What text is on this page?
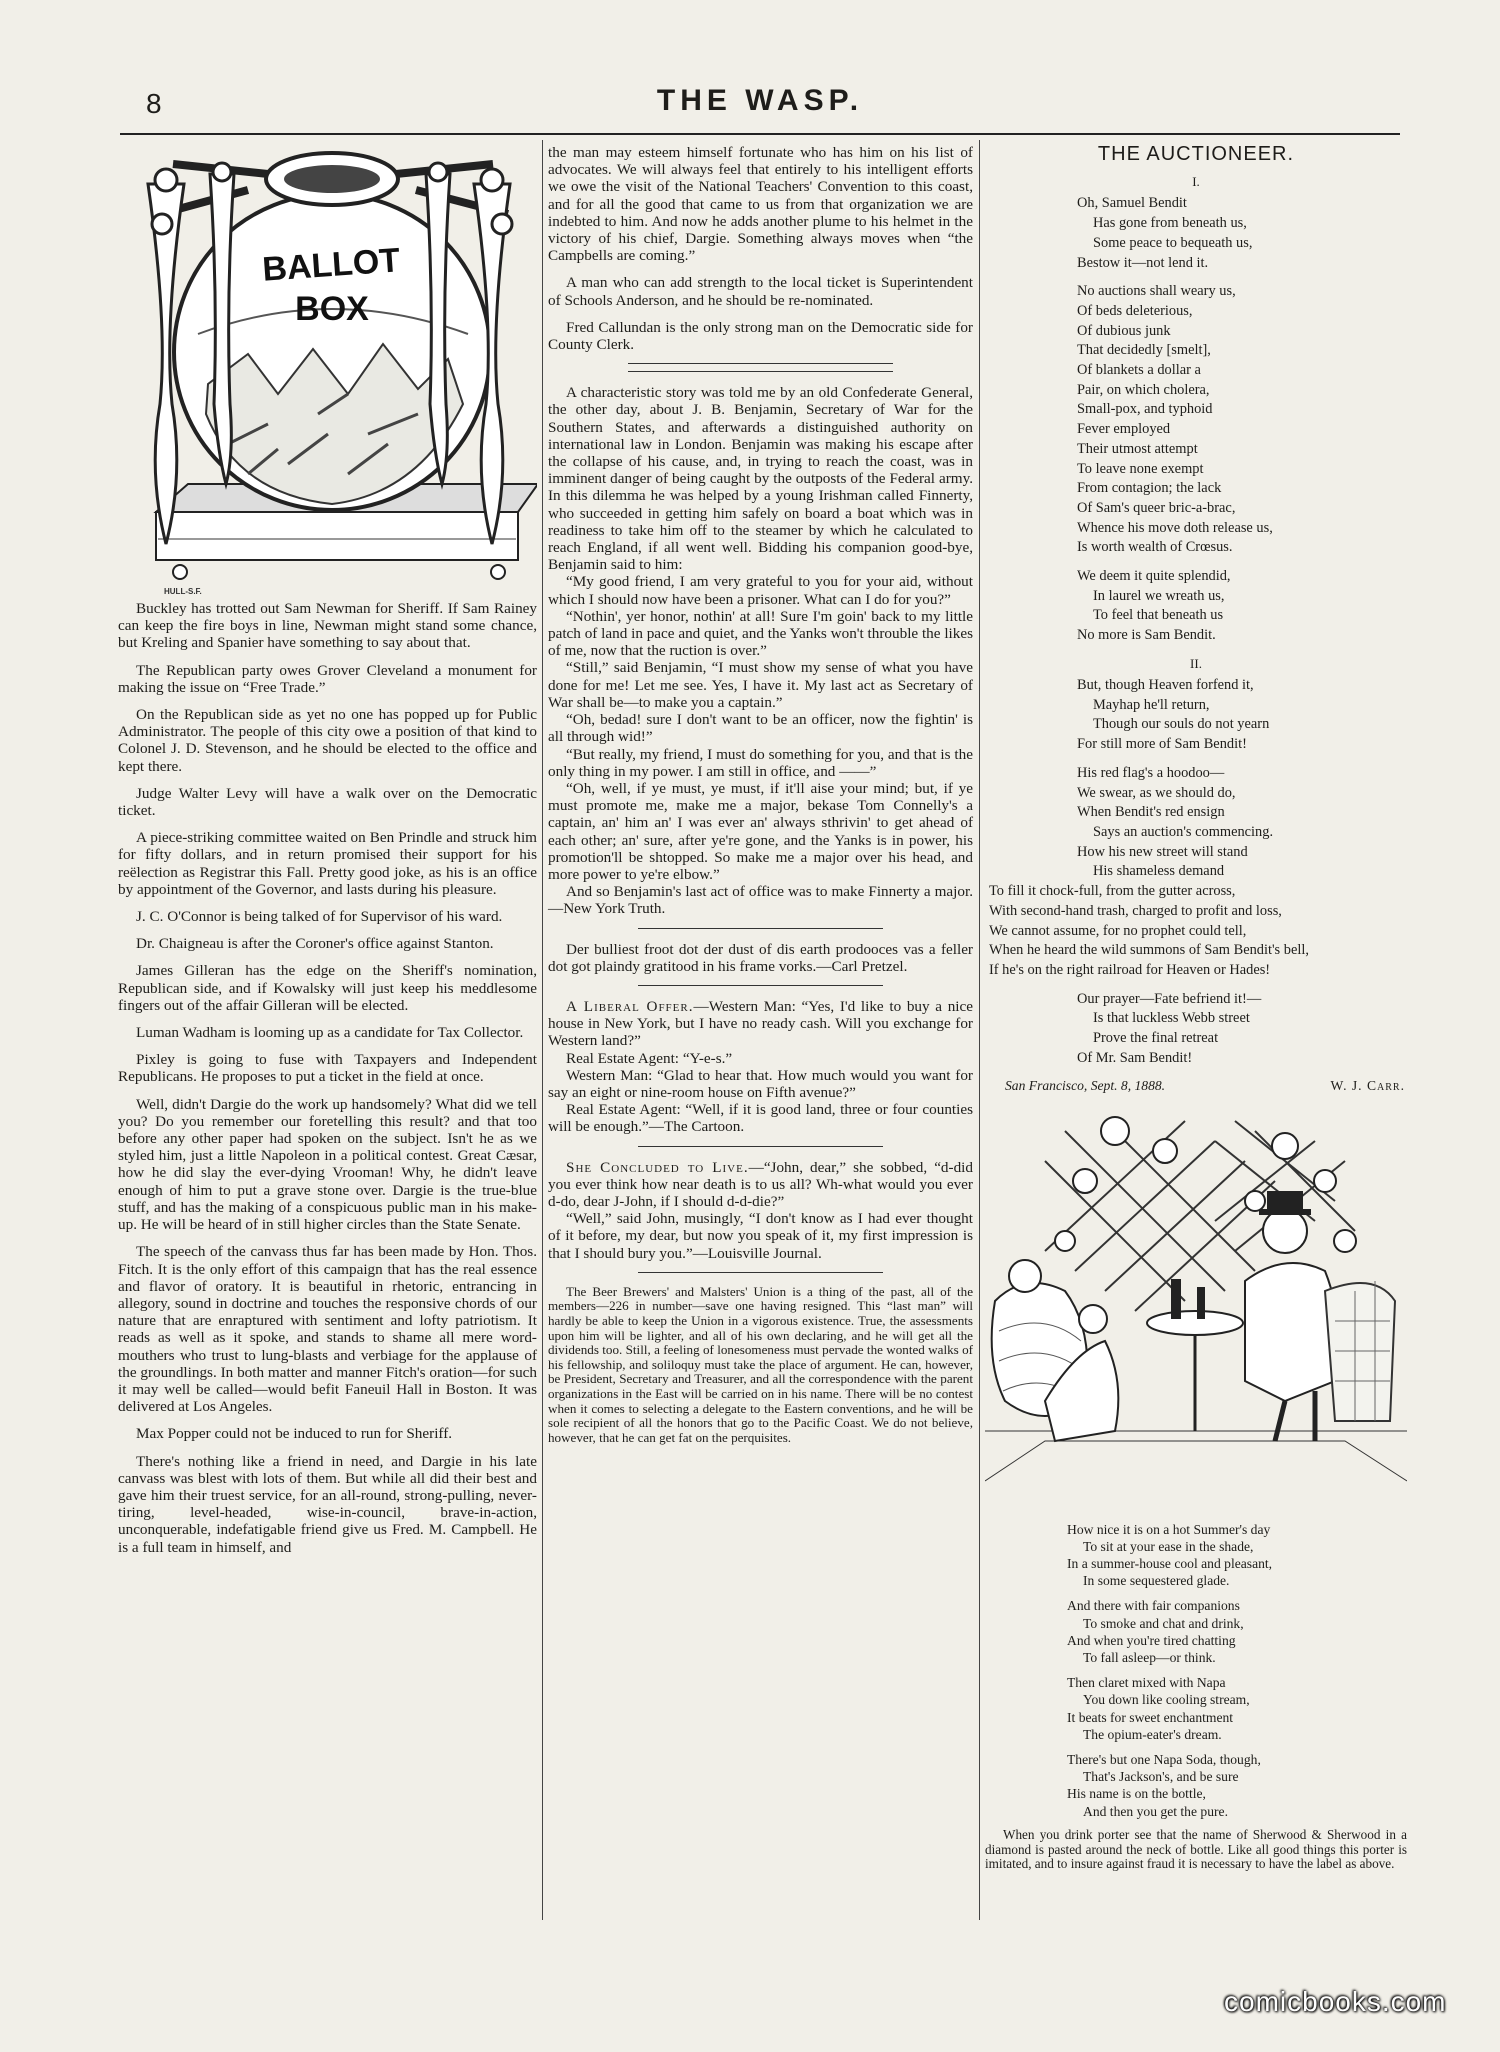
8	THE WASP.
BALLOT
BOX
HULL-S.F.

Buckley has trotted out Sam Newman for Sheriff. If Sam Rainey can keep the fire boys in line, Newman might stand some chance, but Kreling and Spanier have something to say about that.

The Republican party owes Grover Cleveland a monument for making the issue on “Free Trade.”

On the Republican side as yet no one has popped up for Public Administrator. The people of this city owe a position of that kind to Colonel J. D. Stevenson, and he should be elected to the office and kept there.

Judge Walter Levy will have a walk over on the Democratic ticket.

A piece-striking committee waited on Ben Prindle and struck him for fifty dollars, and in return promised their support for his reëlection as Registrar this Fall. Pretty good joke, as his is an office by appointment of the Governor, and lasts during his pleasure.

J. C. O'Connor is being talked of for Supervisor of his ward.

Dr. Chaigneau is after the Coroner's office against Stanton.

James Gilleran has the edge on the Sheriff's nomination, Republican side, and if Kowalsky will just keep his meddlesome fingers out of the affair Gilleran will be elected.

Luman Wadham is looming up as a candidate for Tax Collector.

Pixley is going to fuse with Taxpayers and Independent Republicans. He proposes to put a ticket in the field at once.

Well, didn't Dargie do the work up handsomely? What did we tell you? Do you remember our foretelling this result? and that too before any other paper had spoken on the subject. Isn't he as we styled him, just a little Napoleon in a political contest. Great Cæsar, how he did slay the ever-dying Vrooman! Why, he didn't leave enough of him to put a grave stone over. Dargie is the true-blue stuff, and has the making of a conspicuous public man in his make-up. He will be heard of in still higher circles than the State Senate.

The speech of the canvass thus far has been made by Hon. Thos. Fitch. It is the only effort of this campaign that has the real essence and flavor of oratory. It is beautiful in rhetoric, entrancing in allegory, sound in doctrine and touches the responsive chords of our nature that are enraptured with sentiment and lofty patriotism. It reads as well as it spoke, and stands to shame all mere word-mouthers who trust to lung-blasts and verbiage for the applause of the groundlings. In both matter and manner Fitch's oration—for such it may well be called—would befit Faneuil Hall in Boston. It was delivered at Los Angeles.

Max Popper could not be induced to run for Sheriff.

There's nothing like a friend in need, and Dargie in his late canvass was blest with lots of them. But while all did their best and gave him their truest service, for an all-round, strong-pulling, never-tiring, level-headed, wise-in-council, brave-in-action, unconquerable, indefatigable friend give us Fred. M. Campbell. He is a full team in himself, and

the man may esteem himself fortunate who has him on his list of advocates. We will always feel that entirely to his intelligent efforts we owe the visit of the National Teachers' Convention to this coast, and for all the good that came to us from that organization we are indebted to him. And now he adds another plume to his helmet in the victory of his chief, Dargie. Something always moves when “the Campbells are coming.”

A man who can add strength to the local ticket is Superintendent of Schools Anderson, and he should be re-nominated.

Fred Callundan is the only strong man on the Democratic side for County Clerk.

A characteristic story was told me by an old Confederate General, the other day, about J. B. Benjamin, Secretary of War for the Southern States, and afterwards a distinguished authority on international law in London. Benjamin was making his escape after the collapse of his cause, and, in trying to reach the coast, was in imminent danger of being caught by the outposts of the Federal army. In this dilemma he was helped by a young Irishman called Finnerty, who succeeded in getting him safely on board a boat which was in readiness to take him off to the steamer by which he calculated to reach England, if all went well. Bidding his companion good-bye, Benjamin said to him:

“My good friend, I am very grateful to you for your aid, without which I should now have been a prisoner. What can I do for you?”

“Nothin', yer honor, nothin' at all! Sure I'm goin' back to my little patch of land in pace and quiet, and the Yanks won't throuble the likes of me, now that the ruction is over.”

“Still,” said Benjamin, “I must show my sense of what you have done for me! Let me see. Yes, I have it. My last act as Secretary of War shall be—to make you a captain.”

“Oh, bedad! sure I don't want to be an officer, now the fightin' is all through wid!”

“But really, my friend, I must do something for you, and that is the only thing in my power. I am still in office, and ——”

“Oh, well, if ye must, ye must, if it'll aise your mind; but, if ye must promote me, make me a major, bekase Tom Connelly's a captain, an' him an' I was ever an' always sthrivin' to get ahead of each other; an' sure, after ye're gone, and the Yanks is in power, his promotion'll be shtopped. So make me a major over his head, and more power to ye're elbow.”

And so Benjamin's last act of office was to make Finnerty a major.—New York Truth.

Der bulliest froot dot der dust of dis earth prodooces vas a feller dot got plaindy gratitood in his frame vorks.—Carl Pretzel.

A Liberal Offer.—Western Man: “Yes, I'd like to buy a nice house in New York, but I have no ready cash. Will you exchange for Western land?”

Real Estate Agent: “Y-e-s.”

Western Man: “Glad to hear that. How much would you want for say an eight or nine-room house on Fifth avenue?”

Real Estate Agent: “Well, if it is good land, three or four counties will be enough.”—The Cartoon.

She Concluded to Live.—“John, dear,” she sobbed, “d-did you ever think how near death is to us all? Wh-what would you ever d-do, dear J-John, if I should d-d-die?”

“Well,” said John, musingly, “I don't know as I had ever thought of it before, my dear, but now you speak of it, my first impression is that I should bury you.”—Louisville Journal.

The Beer Brewers' and Malsters' Union is a thing of the past, all of the members—226 in number—save one having resigned. This “last man” will hardly be able to keep the Union in a vigorous existence. True, the assessments upon him will be lighter, and all of his own declaring, and he will get all the dividends too. Still, a feeling of lonesomeness must pervade the wonted walks of his fellowship, and soliloquy must take the place of argument. He can, however, be President, Secretary and Treasurer, and all the correspondence with the parent organizations in the East will be carried on in his name. There will be no contest when it comes to selecting a delegate to the Eastern conventions, and he will be sole recipient of all the honors that go to the Pacific Coast. We do not believe, however, that he can get fat on the perquisites.

THE AUCTIONEER.
I.
Oh, Samuel Bendit
Has gone from beneath us,
Some peace to bequeath us,
Bestow it—not lend it.
No auctions shall weary us,
Of beds deleterious,
Of dubious junk
That decidedly [smelt],
Of blankets a dollar a
Pair, on which cholera,
Small-pox, and typhoid
Fever employed
Their utmost attempt
To leave none exempt
From contagion; the lack
Of Sam's queer bric-a-brac,
Whence his move doth release us,
Is worth wealth of Crœsus.
We deem it quite splendid,
In laurel we wreath us,
To feel that beneath us
No more is Sam Bendit.
II.
But, though Heaven forfend it,
Mayhap he'll return,
Though our souls do not yearn
For still more of Sam Bendit!
His red flag's a hoodoo—
We swear, as we should do,
When Bendit's red ensign
Says an auction's commencing.
How his new street will stand
His shameless demand
To fill it chock-full, from the gutter across,
With second-hand trash, charged to profit and loss,
We cannot assume, for no prophet could tell,
When he heard the wild summons of Sam Bendit's bell,
If he's on the right railroad for Heaven or Hades!
Our prayer—Fate befriend it!—
Is that luckless Webb street
Prove the final retreat
Of Mr. Sam Bendit!
San Francisco, Sept. 8, 1888.	W. J. Carr.
How nice it is on a hot Summer's day
To sit at your ease in the shade,
In a summer-house cool and pleasant,
In some sequestered glade.
And there with fair companions
To smoke and chat and drink,
And when you're tired chatting
To fall asleep—or think.
Then claret mixed with Napa
You down like cooling stream,
It beats for sweet enchantment
The opium-eater's dream.
There's but one Napa Soda, though,
That's Jackson's, and be sure
His name is on the bottle,
And then you get the pure.

When you drink porter see that the name of Sherwood & Sherwood in a diamond is pasted around the neck of bottle. Like all good things this porter is imitated, and to insure against fraud it is necessary to have the label as above.

comicbooks.com
